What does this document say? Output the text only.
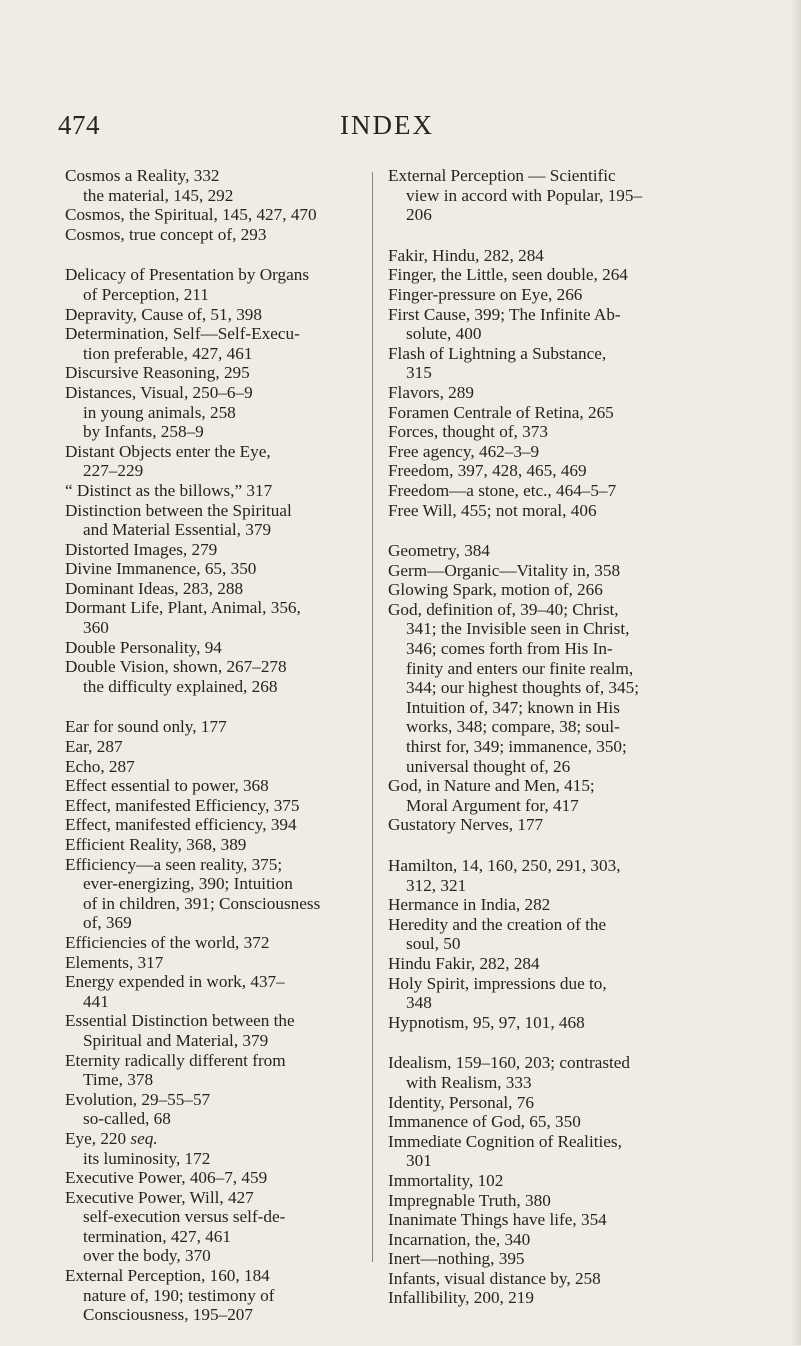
474	INDEX
Cosmos a Reality, 332
the material, 145, 292
Cosmos, the Spiritual, 145, 427, 470
Cosmos, true concept of, 293
Delicacy of Presentation by Organs
of Perception, 211
Depravity, Cause of, 51, 398
Determination, Self—Self-Execu-
tion preferable, 427, 461
Discursive Reasoning, 295
Distances, Visual, 250–6–9
in young animals, 258
by Infants, 258–9
Distant Objects enter the Eye,
227–229
“ Distinct as the billows,” 317
Distinction between the Spiritual
and Material Essential, 379
Distorted Images, 279
Divine Immanence, 65, 350
Dominant Ideas, 283, 288
Dormant Life, Plant, Animal, 356,
360
Double Personality, 94
Double Vision, shown, 267–278
the difficulty explained, 268
Ear for sound only, 177
Ear, 287
Echo, 287
Effect essential to power, 368
Effect, manifested Efficiency, 375
Effect, manifested efficiency, 394
Efficient Reality, 368, 389
Efficiency—a seen reality, 375;
ever-energizing, 390; Intuition
of in children, 391; Consciousness
of, 369
Efficiencies of the world, 372
Elements, 317
Energy expended in work, 437–
441
Essential Distinction between the
Spiritual and Material, 379
Eternity radically different from
Time, 378
Evolution, 29–55–57
so-called, 68
Eye, 220 seq.
its luminosity, 172
Executive Power, 406–7, 459
Executive Power, Will, 427
self-execution versus self-de-
termination, 427, 461
over the body, 370
External Perception, 160, 184
nature of, 190; testimony of
Consciousness, 195–207
External Perception — Scientific
view in accord with Popular, 195–
206
Fakir, Hindu, 282, 284
Finger, the Little, seen double, 264
Finger-pressure on Eye, 266
First Cause, 399; The Infinite Ab-
solute, 400
Flash of Lightning a Substance,
315
Flavors, 289
Foramen Centrale of Retina, 265
Forces, thought of, 373
Free agency, 462–3–9
Freedom, 397, 428, 465, 469
Freedom—a stone, etc., 464–5–7
Free Will, 455; not moral, 406
Geometry, 384
Germ—Organic—Vitality in, 358
Glowing Spark, motion of, 266
God, definition of, 39–40; Christ,
341; the Invisible seen in Christ,
346; comes forth from His In-
finity and enters our finite realm,
344; our highest thoughts of, 345;
Intuition of, 347; known in His
works, 348; compare, 38; soul-
thirst for, 349; immanence, 350;
universal thought of, 26
God, in Nature and Men, 415;
Moral Argument for, 417
Gustatory Nerves, 177
Hamilton, 14, 160, 250, 291, 303,
312, 321
Hermance in India, 282
Heredity and the creation of the
soul, 50
Hindu Fakir, 282, 284
Holy Spirit, impressions due to,
348
Hypnotism, 95, 97, 101, 468
Idealism, 159–160, 203; contrasted
with Realism, 333
Identity, Personal, 76
Immanence of God, 65, 350
Immediate Cognition of Realities,
301
Immortality, 102
Impregnable Truth, 380
Inanimate Things have life, 354
Incarnation, the, 340
Inert—nothing, 395
Infants, visual distance by, 258
Infallibility, 200, 219
